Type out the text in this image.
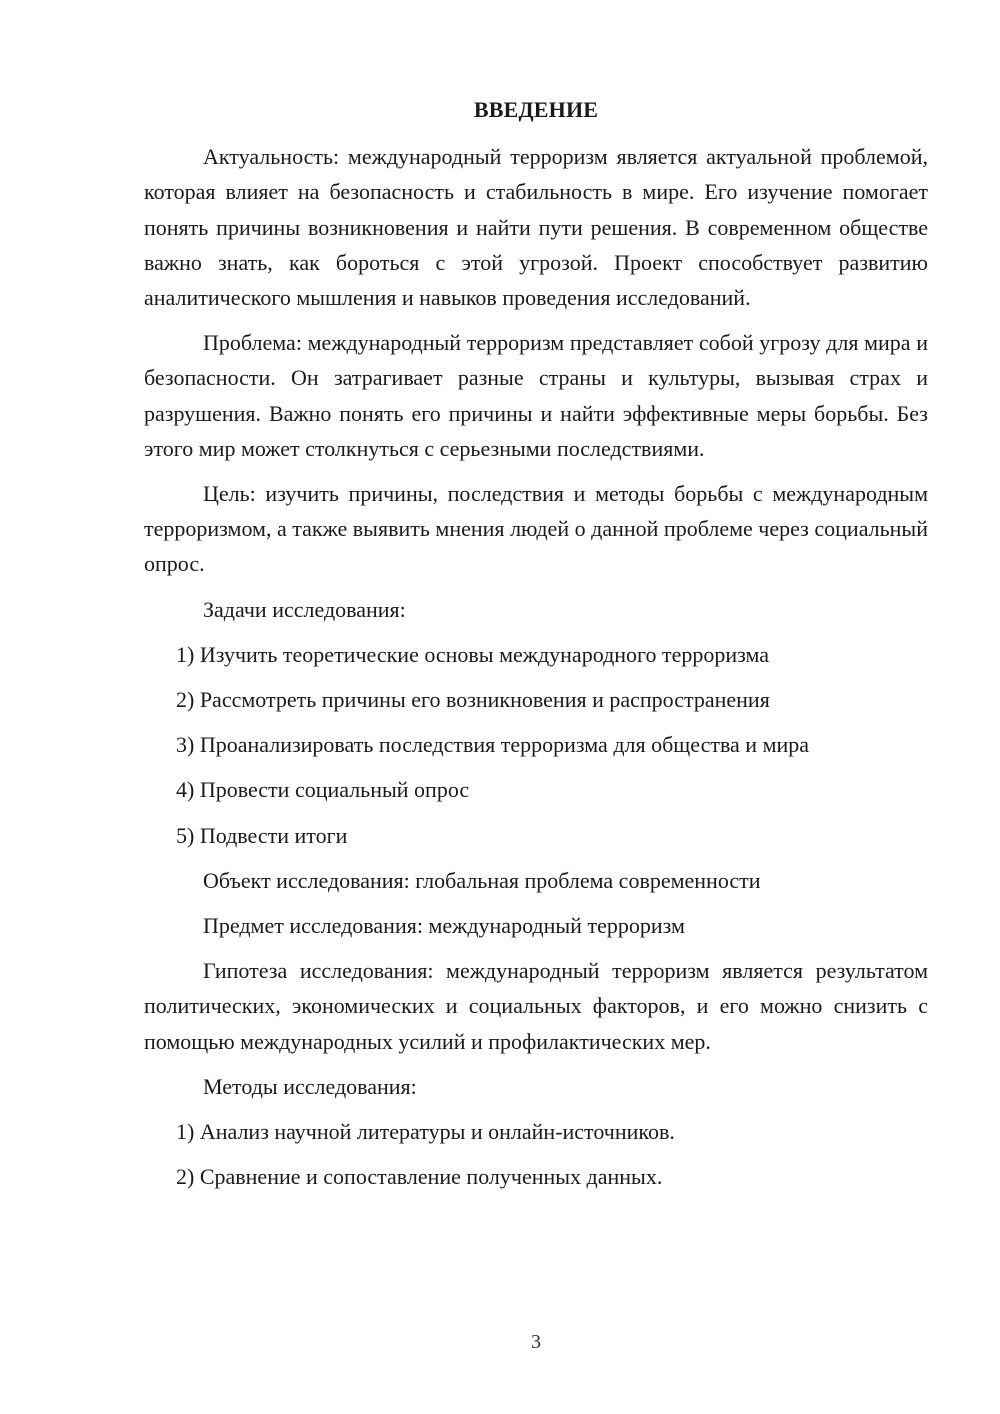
ВВЕДЕНИЕ

Актуальность: международный терроризм является актуальной проблемой, которая влияет на безопасность и стабильность в мире. Его изучение помогает понять причины возникновения и найти пути решения. В современном обществе важно знать, как бороться с этой угрозой. Проект способствует развитию аналитического мышления и навыков проведения исследований.

Проблема: международный терроризм представляет собой угрозу для мира и безопасности. Он затрагивает разные страны и культуры, вызывая страх и разрушения. Важно понять его причины и найти эффективные меры борьбы. Без этого мир может столкнуться с серьезными последствиями.

Цель: изучить причины, последствия и методы борьбы с международным терроризмом, а также выявить мнения людей о данной проблеме через социальный опрос.

Задачи исследования:

1) Изучить теоретические основы международного терроризма
2) Рассмотреть причины его возникновения и распространения
3) Проанализировать последствия терроризма для общества и мира
4) Провести социальный опрос
5) Подвести итоги

Объект исследования: глобальная проблема современности

Предмет исследования: международный терроризм

Гипотеза исследования: международный терроризм является результатом политических, экономических и социальных факторов, и его можно снизить с помощью международных усилий и профилактических мер.

Методы исследования:

1) Анализ научной литературы и онлайн-источников.
2) Сравнение и сопоставление полученных данных.
3
